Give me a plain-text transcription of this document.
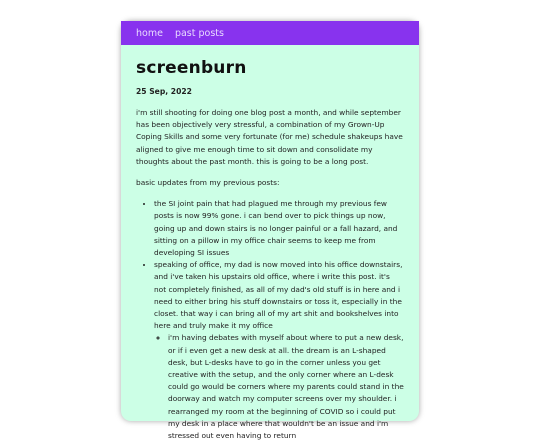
home past posts
screenburn
25 Sep, 2022

i'm still shooting for doing one blog post a month, and while september has been objectively very stressful, a combination of my Grown-Up Coping Skills and some very fortunate (for me) schedule shakeups have aligned to give me enough time to sit down and consolidate my thoughts about the past month. this is going to be a long post.

basic updates from my previous posts:

• the SI joint pain that had plagued me through my previous few posts is now 99% gone. i can bend over to pick things up now, going up and down stairs is no longer painful or a fall hazard, and sitting on a pillow in my office chair seems to keep me from developing SI issues
• speaking of office, my dad is now moved into his office downstairs, and i've taken his upstairs old office, where i write this post. it's not completely finished, as all of my dad's old stuff is in here and i need to either bring his stuff downstairs or toss it, especially in the closet. that way i can bring all of my art shit and bookshelves into here and truly make it my office
◦ i'm having debates with myself about where to put a new desk, or if i even get a new desk at all. the dream is an L-shaped desk, but L-desks have to go in the corner unless you get creative with the setup, and the only corner where an L-desk could go would be corners where my parents could stand in the doorway and watch my computer screens over my shoulder. i rearranged my room at the beginning of COVID so i could put my desk in a place where that wouldn't be an issue and i'm stressed out even having to return
